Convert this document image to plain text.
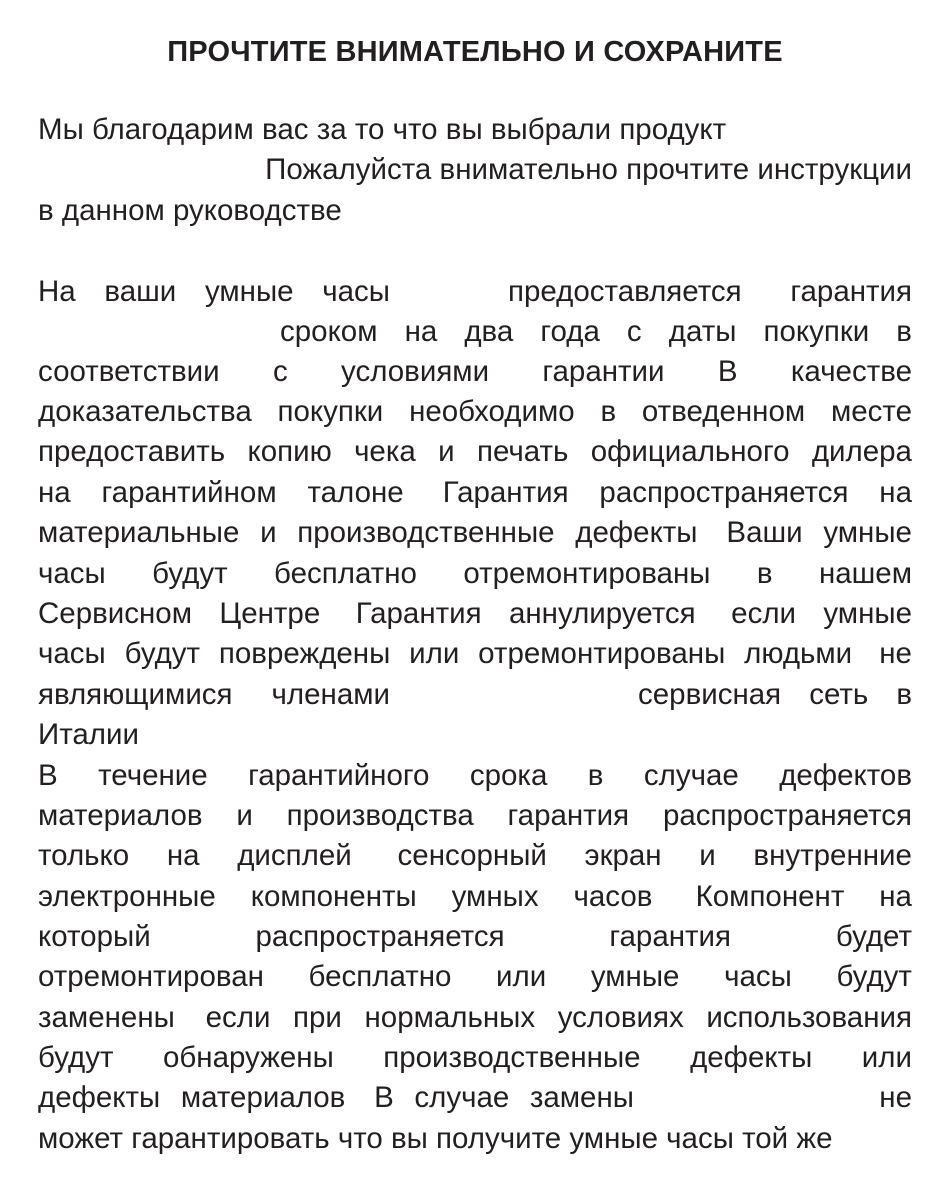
ПРОЧТИТЕ ВНИМАТЕЛЬНО И СОХРАНИТЕ
Мы благодарим вас за то что вы выбрали продукт
Пожалуйста внимательно прочтите инструкции
в данном руководстве
На ваши умные часы	предоставляется гарантия
сроком на два года с даты покупки в
соответствии с условиями гарантии В качестве
доказательства покупки необходимо в отведенном месте
предоставить копию чека и печать официального дилера
на гарантийном талоне Гарантия распространяется на
материальные и производственные дефекты Ваши умные
часы будут бесплатно отремонтированы в нашем
Сервисном Центре Гарантия аннулируется если умные
часы будут повреждены или отремонтированы людьми не
являющимися членами	сервисная сеть в
Италии
В течение гарантийного срока в случае дефектов
материалов и производства гарантия распространяется
только на дисплей сенсорный экран и внутренние
электронные компоненты умных часов Компонент на
который	распространяется	гарантия	будет
отремонтирован бесплатно или умные часы будут
заменены если при нормальных условиях использования
будут обнаружены производственные дефекты или
дефекты материалов В случае замены	не
может гарантировать что вы получите умные часы той же
